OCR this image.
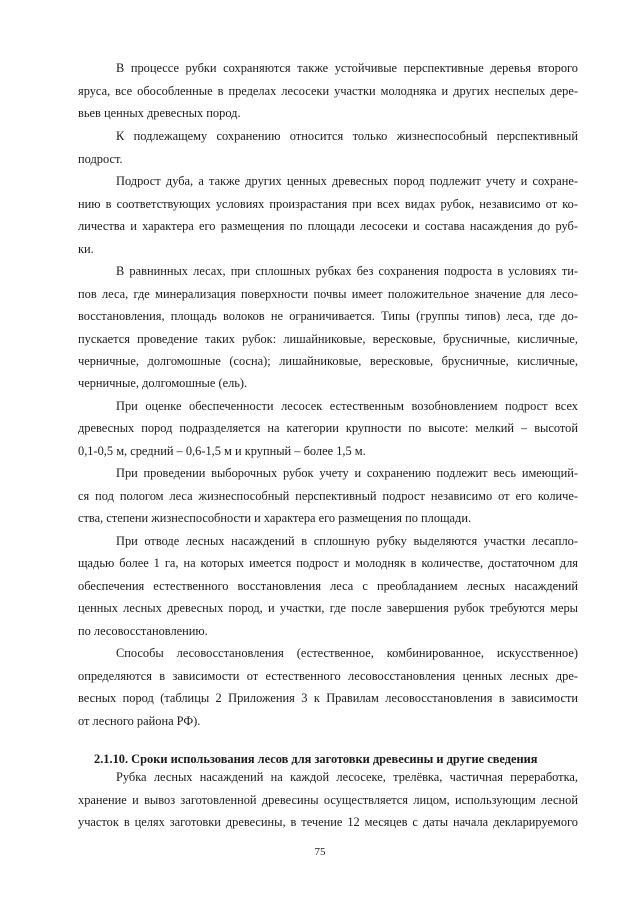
В процессе рубки сохраняются также устойчивые перспективные деревья второго
яруса, все обособленные в пределах лесосеки участки молодняка и других неспелых дере-
вьев ценных древесных пород.
К подлежащему сохранению относится только жизнеспособный перспективный
подрост.
Подрост дуба, а также других ценных древесных пород подлежит учету и сохране-
нию в соответствующих условиях произрастания при всех видах рубок, независимо от ко-
личества и характера его размещения по площади лесосеки и состава насаждения до руб-
ки.
В равнинных лесах, при сплошных рубках без сохранения подроста в условиях ти-
пов леса, где минерализация поверхности почвы имеет положительное значение для лесо-
восстановления, площадь волоков не ограничивается. Типы (группы типов) леса, где до-
пускается проведение таких рубок: лишайниковые, вересковые, брусничные, кисличные,
черничные, долгомошные (сосна); лишайниковые, вересковые, брусничные, кисличные,
черничные, долгомошные (ель).
При оценке обеспеченности лесосек естественным возобновлением подрост всех
древесных пород подразделяется на категории крупности по высоте: мелкий – высотой
0,1-0,5 м, средний – 0,6-1,5 м и крупный – более 1,5 м.
При проведении выборочных рубок учету и сохранению подлежит весь имеющий-
ся под пологом леса жизнеспособный перспективный подрост независимо от его количе-
ства, степени жизнеспособности и характера его размещения по площади.
При отводе лесных насаждений в сплошную рубку выделяются участки лесапло-
щадью более 1 га, на которых имеется подрост и молодняк в количестве, достаточном для
обеспечения естественного восстановления леса с преобладанием лесных насаждений
ценных лесных древесных пород, и участки, где после завершения рубок требуются меры
по лесовосстановлению.
Способы лесовосстановления (естественное, комбинированное, искусственное)
определяются в зависимости от естественного лесовосстановления ценных лесных дре-
весных пород (таблицы 2 Приложения 3 к Правилам лесовосстановления в зависимости
от лесного района РФ).
2.1.10. Сроки использования лесов для заготовки древесины и другие сведения
Рубка лесных насаждений на каждой лесосеке, трелёвка, частичная переработка,
хранение и вывоз заготовленной древесины осуществляется лицом, использующим лесной
участок в целях заготовки древесины, в течение 12 месяцев с даты начала декларируемого
75
